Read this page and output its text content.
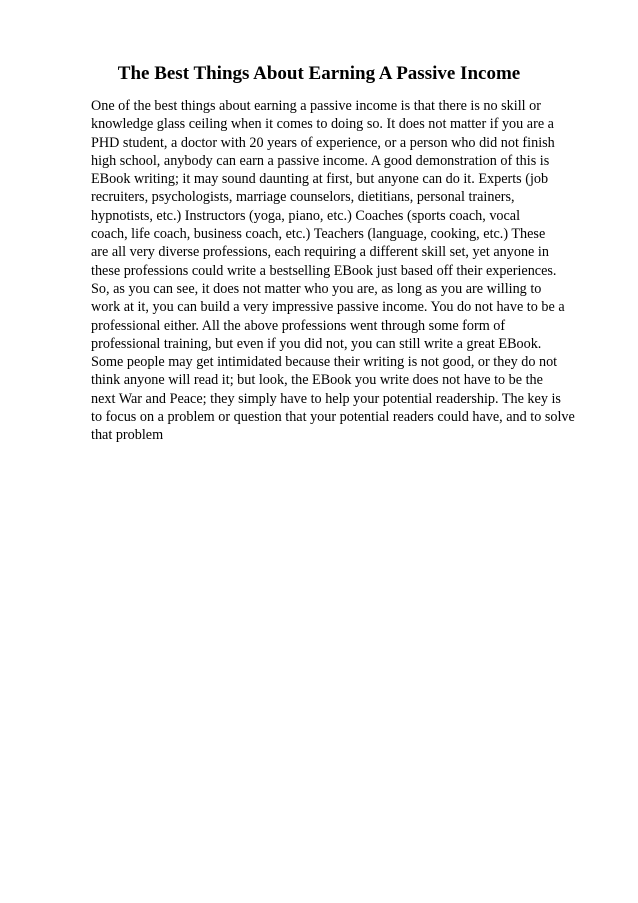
The Best Things About Earning A Passive Income
One of the best things about earning a passive income is that there is no skill or
knowledge glass ceiling when it comes to doing so. It does not matter if you are a
PHD student, a doctor with 20 years of experience, or a person who did not finish
high school, anybody can earn a passive income. A good demonstration of this is
EBook writing; it may sound daunting at first, but anyone can do it. Experts (job
recruiters, psychologists, marriage counselors, dietitians, personal trainers,
hypnotists, etc.) Instructors (yoga, piano, etc.) Coaches (sports coach, vocal
coach, life coach, business coach, etc.) Teachers (language, cooking, etc.) These
are all very diverse professions, each requiring a different skill set, yet anyone in
these professions could write a bestselling EBook just based off their experiences.
So, as you can see, it does not matter who you are, as long as you are willing to
work at it, you can build a very impressive passive income. You do not have to be a
professional either. All the above professions went through some form of
professional training, but even if you did not, you can still write a great EBook.
Some people may get intimidated because their writing is not good, or they do not
think anyone will read it; but look, the EBook you write does not have to be the
next War and Peace; they simply have to help your potential readership. The key is
to focus on a problem or question that your potential readers could have, and to solve
that problem
